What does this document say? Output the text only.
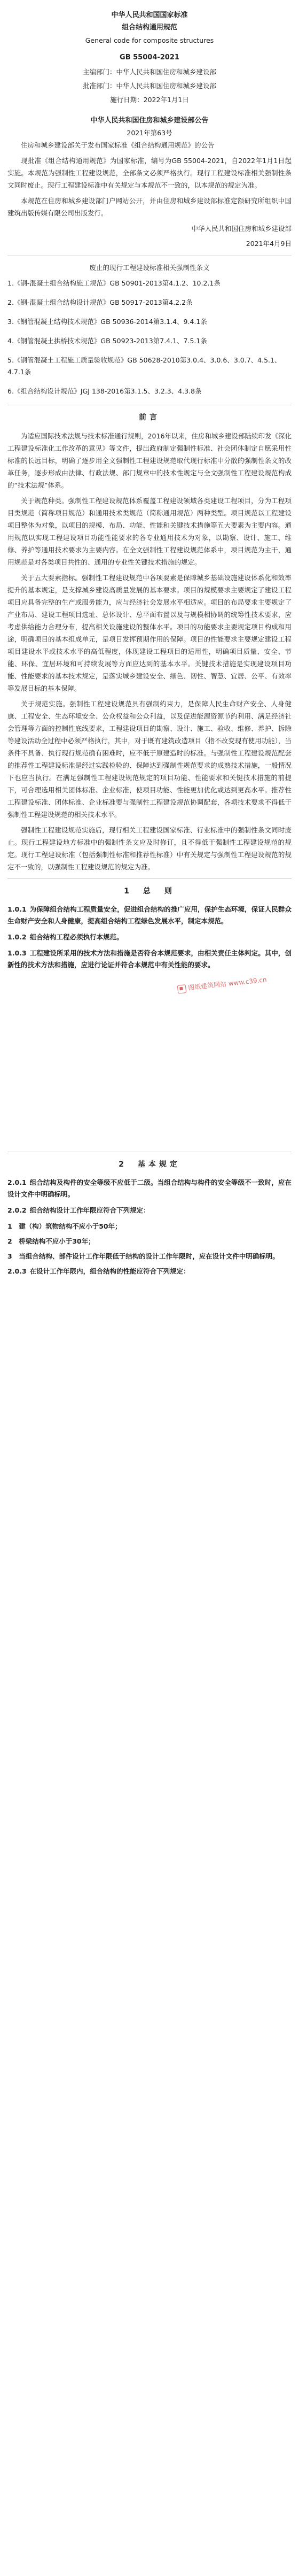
中华人民共和国国家标准
组合结构通用规范
General code for composite structures
GB 55004-2021
主编部门：中华人民共和国住房和城乡建设部
批准部门：中华人民共和国住房和城乡建设部
施行日期：2022年1月1日
中华人民共和国住房和城乡建设部公告
2021年第63号

住房和城乡建设部关于发布国家标准《组合结构通用规范》的公告

现批准《组合结构通用规范》为国家标准，编号为GB 55004-2021，自2022年1月1日起实施。本规范为强制性工程建设规范，全部条文必须严格执行。现行工程建设标准相关强制性条文同时废止。现行工程建设标准中有关规定与本规范不一致的，以本规范的规定为准。

本规范在住房和城乡建设部门户网站公开，并由住房和城乡建设部标准定额研究所组织中国建筑出版传媒有限公司出版发行。

中华人民共和国住房和城乡建设部

2021年4月9日

废止的现行工程建设标准相关强制性条文
1.《钢-混凝土组合结构施工规范》GB 50901-2013第4.1.2、10.2.1条
2.《钢-混凝土组合结构设计规范》GB 50917-2013第4.2.2条
3.《钢管混凝土结构技术规范》GB 50936-2014第3.1.4、9.4.1条
4.《钢管混凝土拱桥技术规范》GB 50923-2013第7.4.1、7.5.1条
5.《钢管混凝土工程施工质量验收规范》GB 50628-2010第3.0.4、3.0.6、3.0.7、4.5.1、4.7.1条
6.《组合结构设计规范》JGJ 138-2016第3.1.5、3.2.3、4.3.8条
前言

为适应国际技术法规与技术标准通行规则，2016年以来，住房和城乡建设部陆续印发《深化工程建设标准化工作改革的意见》等文件，提出政府制定强制性标准、社会团体制定自愿采用性标准的长远目标，明确了逐步用全文强制性工程建设规范取代现行标准中分散的强制性条文的改革任务，逐步形成由法律、行政法规、部门规章中的技术性规定与全文强制性工程建设规范构成的“技术法规”体系。

关于规范种类。强制性工程建设规范体系覆盖工程建设领域各类建设工程项目，分为工程项目类规范（简称项目规范）和通用技术类规范（简称通用规范）两种类型。项目规范以工程建设项目整体为对象，以项目的规模、布局、功能、性能和关键技术措施等五大要素为主要内容。通用规范以实现工程建设项目功能性能要求的各专业通用技术为对象，以勘察、设计、施工、维修、养护等通用技术要求为主要内容。在全文强制性工程建设规范体系中，项目规范为主干，通用规范是对各类项目共性的、通用的专业性关键技术措施的规定。

关于五大要素指标。强制性工程建设规范中各项要素是保障城乡基础设施建设体系化和效率提升的基本规定，是支撑城乡建设高质量发展的基本要求。项目的规模要求主要规定了建设工程项目应具备完整的生产或服务能力，应与经济社会发展水平相适应。项目的布局要求主要规定了产业布局、建设工程项目选址、总体设计、总平面布置以及与规模相协调的统筹性技术要求，应考虑供给能力合理分布，提高相关设施建设的整体水平。项目的功能要求主要规定项目构成和用途，明确项目的基本组成单元，是项目发挥预期作用的保障。项目的性能要求主要规定建设工程项目建设水平或技术水平的高低程度，体现建设工程项目的适用性，明确项目质量、安全、节能、环保、宜居环境和可持续发展等方面应达到的基本水平。关键技术措施是实现建设项目功能、性能要求的基本技术规定，是落实城乡建设安全、绿色、韧性、智慧、宜居、公平、有效率等发展目标的基本保障。

关于规范实施。强制性工程建设规范具有强制约束力，是保障人民生命财产安全、人身健康、工程安全、生态环境安全、公众权益和公众利益，以及促进能源资源节约利用、满足经济社会管理等方面的控制性底线要求，工程建设项目的勘察、设计、施工、验收、维修、养护、拆除等建设活动全过程中必须严格执行，其中，对于既有建筑改造项目（指不改变现有使用功能），当条件不具备、执行现行规范确有困难时，应不低于原建造时的标准。与强制性工程建设规范配套的推荐性工程建设标准是经过实践检验的、保障达到强制性规范要求的成熟技术措施，一般情况下也应当执行。在满足强制性工程建设规范规定的项目功能、性能要求和关键技术措施的前提下，可合理选用相关团体标准、企业标准，使项目功能、性能更加优化或达到更高水平。推荐性工程建设标准、团体标准、企业标准要与强制性工程建设规范协调配套，各项技术要求不得低于强制性工程建设规范的相关技术水平。

强制性工程建设规范实施后，现行相关工程建设国家标准、行业标准中的强制性条文同时废止。现行工程建设地方标准中的强制性条文应及时修订，且不得低于强制性工程建设规范的规定。现行工程建设标准（包括强制性标准和推荐性标准）中有关规定与强制性工程建设规范的规定不一致的，以强制性工程建设规范的规定为准。

1　总　则

1.0.1 为保障组合结构工程质量安全，促进组合结构的推广应用，保护生态环境，保证人民群众生命财产安全和人身健康，提高组合结构工程绿色发展水平，制定本规范。

1.0.2 组合结构工程必须执行本规范。

1.0.3 工程建设所采用的技术方法和措施是否符合本规范要求，由相关责任主体判定。其中，创新性的技术方法和措施，应进行论证并符合本规范中有关性能的要求。

图纸建筑网站 www.c39.cn
2　基本规定

2.0.1 组合结构及构件的安全等级不应低于二级。当组合结构与构件的安全等级不一致时，应在设计文件中明确标明。

2.0.2 组合结构设计工作年限应符合下列规定：

1　建（构）筑物结构不应小于50年；

2　桥梁结构不应小于30年；

3　当组合结构、部件设计工作年限低于结构的设计工作年限时，应在设计文件中明确标明。

2.0.3 在设计工作年限内，组合结构的性能应符合下列规定：
